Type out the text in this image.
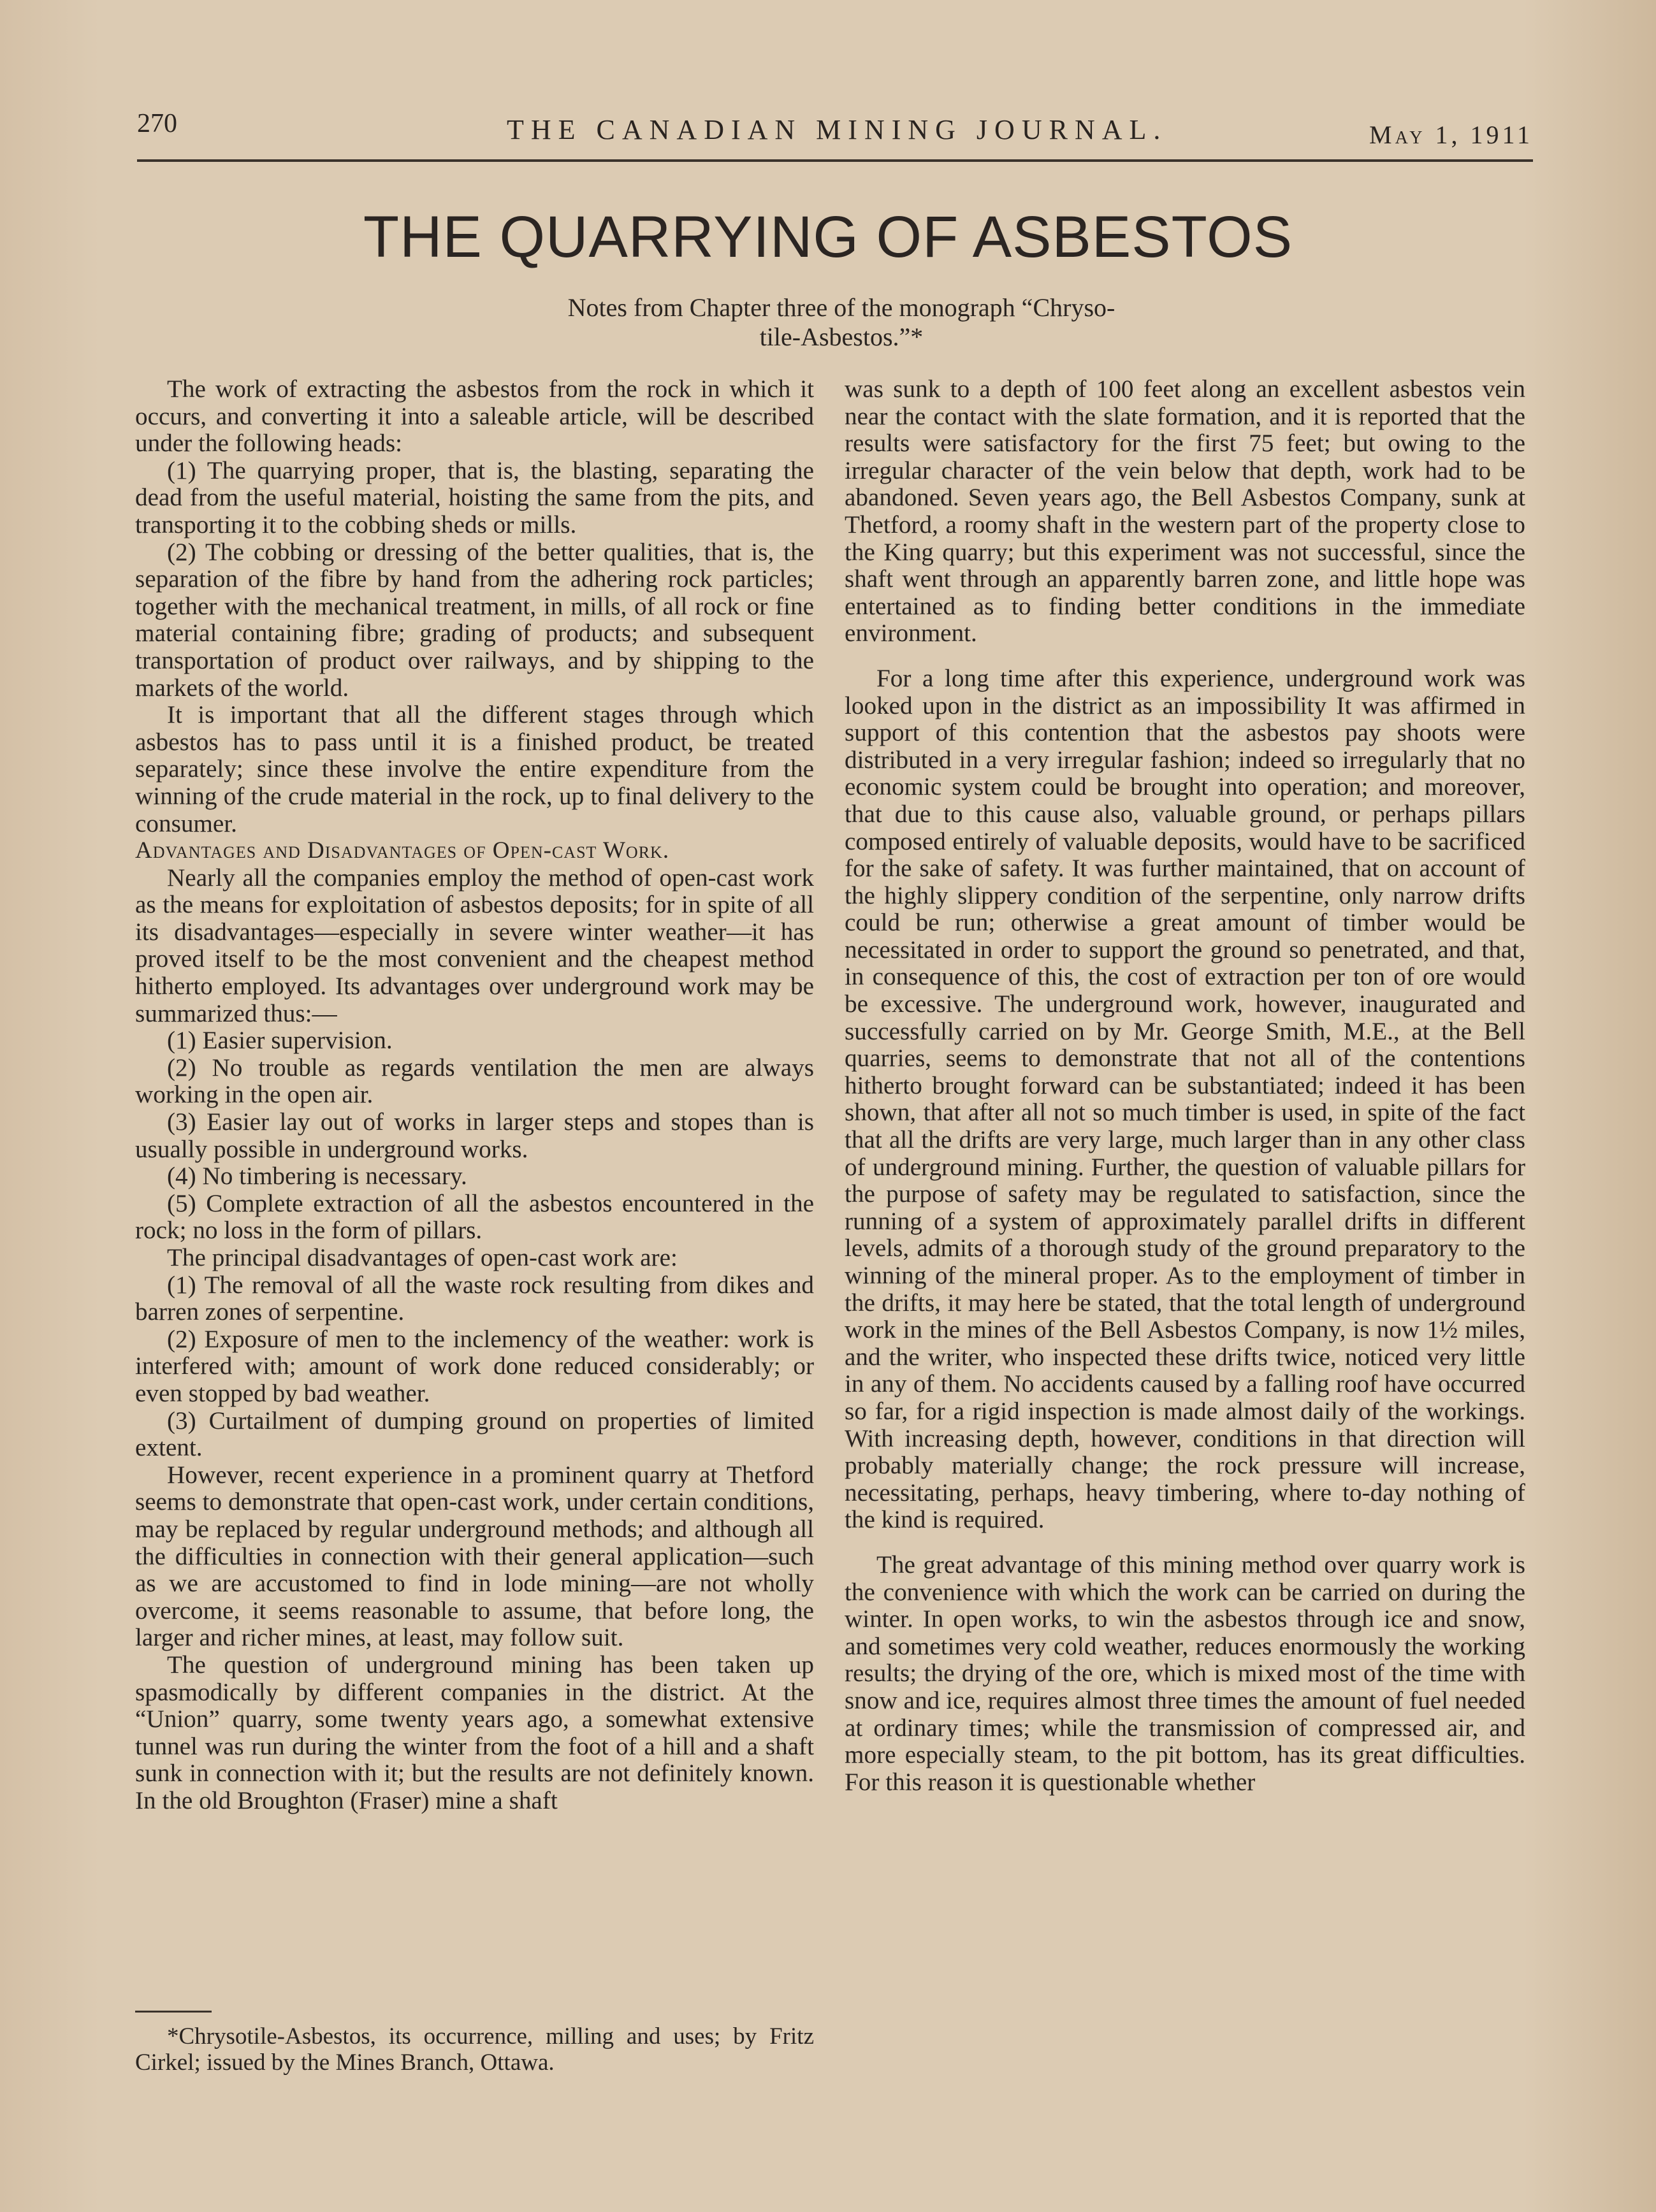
270	THE CANADIAN MINING JOURNAL.	May 1, 1911
THE QUARRYING OF ASBESTOS
Notes from Chapter three of the monograph “Chryso-
tile-Asbestos.”*

The work of extracting the asbestos from the rock in which it occurs, and converting it into a saleable article, will be described under the following heads:

(1) The quarrying proper, that is, the blasting, separating the dead from the useful material, hoisting the same from the pits, and transporting it to the cobbing sheds or mills.

(2) The cobbing or dressing of the better qualities, that is, the separation of the fibre by hand from the adhering rock particles; together with the mechanical treatment, in mills, of all rock or fine material containing fibre; grading of products; and subsequent transportation of product over railways, and by shipping to the markets of the world.

It is important that all the different stages through which asbestos has to pass until it is a finished product, be treated separately; since these involve the entire expenditure from the winning of the crude material in the rock, up to final delivery to the consumer.

Advantages and Disadvantages of Open-cast Work.

Nearly all the companies employ the method of open-cast work as the means for exploitation of asbestos deposits; for in spite of all its disadvantages—especially in severe winter weather—it has proved itself to be the most convenient and the cheapest method hitherto employed. Its advantages over underground work may be summarized thus:—

(1) Easier supervision.

(2) No trouble as regards ventilation the men are always working in the open air.

(3) Easier lay out of works in larger steps and stopes than is usually possible in underground works.

(4) No timbering is necessary.

(5) Complete extraction of all the asbestos encountered in the rock; no loss in the form of pillars.

The principal disadvantages of open-cast work are:

(1) The removal of all the waste rock resulting from dikes and barren zones of serpentine.

(2) Exposure of men to the inclemency of the weather: work is interfered with; amount of work done reduced considerably; or even stopped by bad weather.

(3) Curtailment of dumping ground on properties of limited extent.

However, recent experience in a prominent quarry at Thetford seems to demonstrate that open-cast work, under certain conditions, may be replaced by regular underground methods; and although all the difficulties in connection with their general application—such as we are accustomed to find in lode mining—are not wholly overcome, it seems reasonable to assume, that before long, the larger and richer mines, at least, may follow suit.

The question of underground mining has been taken up spasmodically by different companies in the district. At the “Union” quarry, some twenty years ago, a somewhat extensive tunnel was run during the winter from the foot of a hill and a shaft sunk in connection with it; but the results are not definitely known. In the old Broughton (Fraser) mine a shaft

*Chrysotile-Asbestos, its occurrence, milling and uses; by Fritz Cirkel; issued by the Mines Branch, Ottawa.

was sunk to a depth of 100 feet along an excellent asbestos vein near the contact with the slate formation, and it is reported that the results were satisfactory for the first 75 feet; but owing to the irregular character of the vein below that depth, work had to be abandoned. Seven years ago, the Bell Asbestos Company, sunk at Thetford, a roomy shaft in the western part of the property close to the King quarry; but this experiment was not successful, since the shaft went through an apparently barren zone, and little hope was entertained as to finding better conditions in the immediate environment.

For a long time after this experience, underground work was looked upon in the district as an impossibility It was affirmed in support of this contention that the asbestos pay shoots were distributed in a very irregular fashion; indeed so irregularly that no economic system could be brought into operation; and moreover, that due to this cause also, valuable ground, or perhaps pillars composed entirely of valuable deposits, would have to be sacrificed for the sake of safety. It was further maintained, that on account of the highly slippery condition of the serpentine, only narrow drifts could be run; otherwise a great amount of timber would be necessitated in order to support the ground so penetrated, and that, in consequence of this, the cost of extraction per ton of ore would be excessive. The underground work, however, inaugurated and successfully carried on by Mr. George Smith, M.E., at the Bell quarries, seems to demonstrate that not all of the contentions hitherto brought forward can be substantiated; indeed it has been shown, that after all not so much timber is used, in spite of the fact that all the drifts are very large, much larger than in any other class of underground mining. Further, the question of valuable pillars for the purpose of safety may be regulated to satisfaction, since the running of a system of approximately parallel drifts in different levels, admits of a thorough study of the ground preparatory to the winning of the mineral proper. As to the employment of timber in the drifts, it may here be stated, that the total length of underground work in the mines of the Bell Asbestos Company, is now 1½ miles, and the writer, who inspected these drifts twice, noticed very little in any of them. No accidents caused by a falling roof have occurred so far, for a rigid inspection is made almost daily of the workings. With increasing depth, however, conditions in that direction will probably materially change; the rock pressure will increase, necessitating, perhaps, heavy timbering, where to-day nothing of the kind is required.

The great advantage of this mining method over quarry work is the convenience with which the work can be carried on during the winter. In open works, to win the asbestos through ice and snow, and sometimes very cold weather, reduces enormously the working results; the drying of the ore, which is mixed most of the time with snow and ice, requires almost three times the amount of fuel needed at ordinary times; while the transmission of compressed air, and more especially steam, to the pit bottom, has its great difficulties. For this reason it is questionable whether
